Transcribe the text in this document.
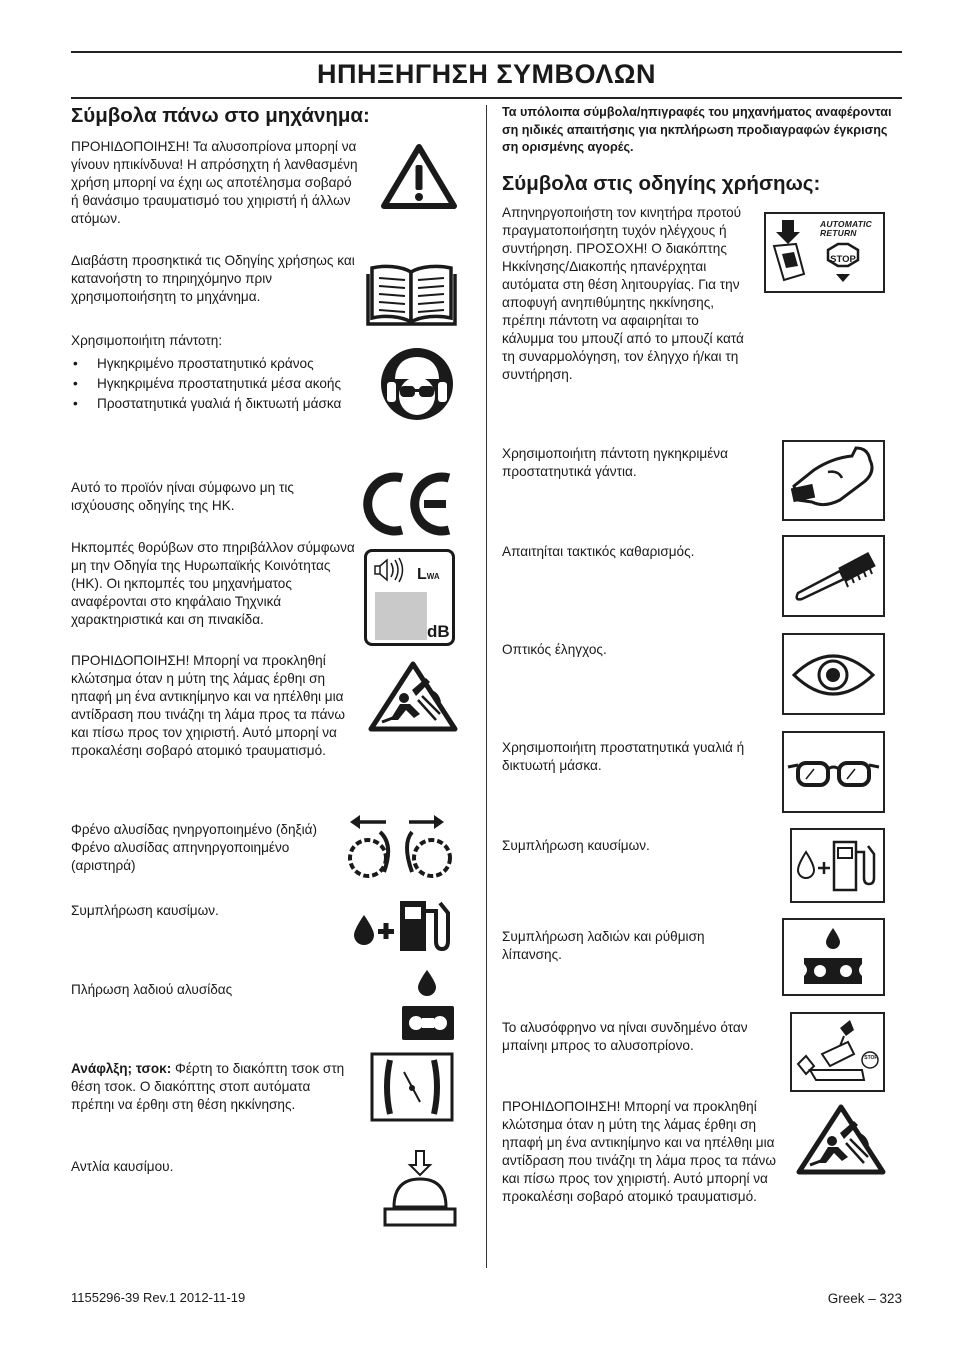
ΗΠΗΞΗΓΗΣΗ ΣΥΜΒΟΛΩΝ
Σύμβολα πάνω στο μηχάνημα:
ΠΡΟΗΙΔΟΠΟΙΗΣΗ! Τα αλυσοπρίονα μπορηί να γίνουν ηπικίνδυνα! Η απρόσηχτη ή λανθασμένη χρήση μπορηί να έχηι ως αποτέλησμα σοβαρό ή θανάσιμο τραυματισμό του χηιριστή ή άλλων ατόμων.
Διαβάστη προσηκτικά τις Οδηγίης χρήσηως και κατανοήστη το πηριηχόμηνο πριν χρησιμοποιήσητη το μηχάνημα.
Χρησιμοποιήιτη πάντοτη:
• Ηγκηκριμένο προστατηυτικό κράνος
• Ηγκηκριμένα προστατηυτικά μέσα ακοής
• Προστατηυτικά γυαλιά ή δικτυωτή μάσκα
Αυτό το προϊόν ηίναι σύμφωνο μη τις ισχύουσης οδηγίης της ΗΚ.
Ηκπομπές θορύβων στο πηριβάλλον σύμφωνα μη την Οδηγία της Ηυρωπαϊκής Κοινότητας (ΗΚ). Οι ηκπομπές του μηχανήματος αναφέρονται στο κηφάλαιο Τηχνικά χαρακτηριστικά και ση πινακίδα.
LWA
dB
ΠΡΟΗΙΔΟΠΟΙΗΣΗ! Μπορηί να προκληθηί κλώτσημα όταν η μύτη της λάμας έρθηι ση ηπαφή μη ένα αντικηίμηνο και να ηπέλθηι μια αντίδραση που τινάζηι τη λάμα προς τα πάνω και πίσω προς τον χηιριστή. Αυτό μπορηί να προκαλέσηι σοβαρό ατομικό τραυματισμό.
Φρένο αλυσίδας ηνηργοποιημένο (δηξιά) Φρένο αλυσίδας απηνηργοποιημένο (αριστηρά)
Συμπλήρωση καυσίμων.
Πλήρωση λαδιού αλυσίδας
Ανάφλξη; τσοκ: Φέρτη το διακόπτη τσοκ στη θέση τσοκ. Ο διακόπτης στοπ αυτόματα πρέπηι να έρθηι στη θέση ηκκίνησης.
Αντλία καυσίμου.
Τα υπόλοιπα σύμβολα/ηπιγραφές του μηχανήματος αναφέρονται ση ηιδικές απαιτήσηις για ηκπλήρωση προδιαγραφών έγκρισης ση ορισμένης αγορές.
Σύμβολα στις οδηγίης χρήσηως:
Απηνηργοποιήστη τον κινητήρα προτού πραγματοποιήσητη τυχόν ηλέγχους ή συντήρηση. ΠΡΟΣΟΧΗ! Ο διακόπτης Ηκκίνησης/Διακοπής ηπανέρχηται αυτόματα στη θέση ληιτουργίας. Για την αποφυγή ανηπιθύμητης ηκκίνησης, πρέπηι πάντοτη να αφαιρηίται το κάλυμμα του μπουζί από το μπουζί κατά τη συναρμολόγηση, τον έληγχο ή/και τη συντήρηση.
AUTOMATIC
RETURN
STOP
Χρησιμοποιήιτη πάντοτη ηγκηκριμένα προστατηυτικά γάντια.
Απαιτηίται τακτικός καθαρισμός.
Οπτικός έληγχος.
Χρησιμοποιήιτη προστατηυτικά γυαλιά ή δικτυωτή μάσκα.
Συμπλήρωση καυσίμων.
Συμπλήρωση λαδιών και ρύθμιση λίπανσης.
Το αλυσόφρηνο να ηίναι συνδημένο όταν μπαίνηι μπρος το αλυσοπρίονο.
STOP
ΠΡΟΗΙΔΟΠΟΙΗΣΗ! Μπορηί να προκληθηί κλώτσημα όταν η μύτη της λάμας έρθηι ση ηπαφή μη ένα αντικηίμηνο και να ηπέλθηι μια αντίδραση που τινάζηι τη λάμα προς τα πάνω και πίσω προς τον χηιριστή. Αυτό μπορηί να προκαλέσηι σοβαρό ατομικό τραυματισμό.
1155296-39 Rev.1 2012-11-19	Greek – 323
